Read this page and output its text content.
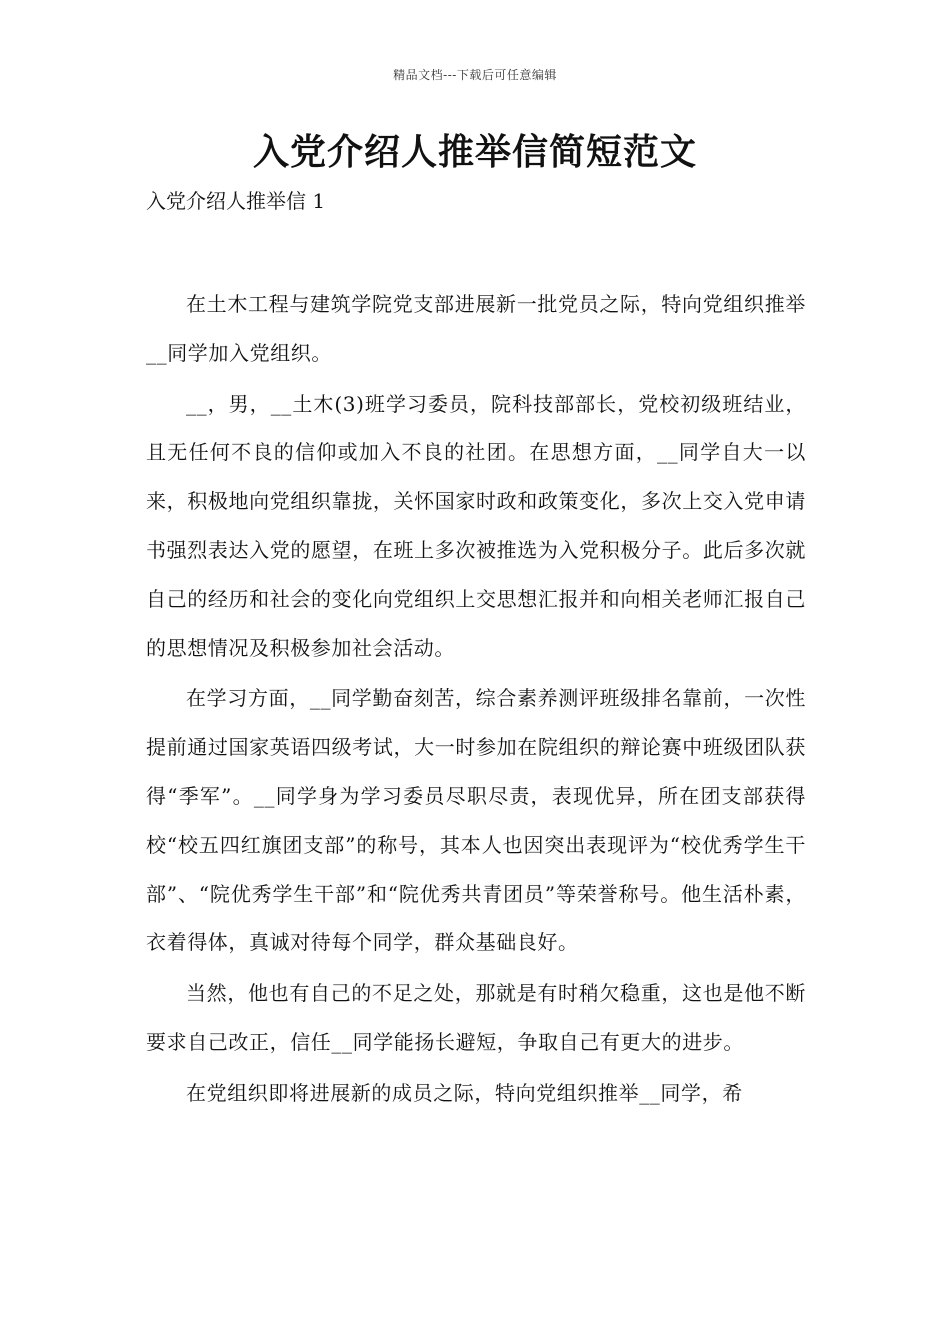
精品文档---下载后可任意编辑
入党介绍人推举信简短范文
入党介绍人推举信 1

在土木工程与建筑学院党支部进展新一批党员之际，特向党组织推举__同学加入党组织。

__，男，__土木(3)班学习委员，院科技部部长，党校初级班结业，且无任何不良的信仰或加入不良的社团。在思想方面，__同学自大一以来，积极地向党组织靠拢，关怀国家时政和政策变化，多次上交入党申请书强烈表达入党的愿望，在班上多次被推选为入党积极分子。此后多次就自己的经历和社会的变化向党组织上交思想汇报并和向相关老师汇报自己的思想情况及积极参加社会活动。

在学习方面，__同学勤奋刻苦，综合素养测评班级排名靠前，一次性提前通过国家英语四级考试，大一时参加在院组织的辩论赛中班级团队获得“季军”。__同学身为学习委员尽职尽责，表现优异，所在团支部获得校“校五四红旗团支部”的称号，其本人也因突出表现评为“校优秀学生干部”、“院优秀学生干部”和“院优秀共青团员”等荣誉称号。他生活朴素，衣着得体，真诚对待每个同学，群众基础良好。

当然，他也有自己的不足之处，那就是有时稍欠稳重，这也是他不断要求自己改正，信任__同学能扬长避短，争取自己有更大的进步。

在党组织即将进展新的成员之际，特向党组织推举__同学，希
